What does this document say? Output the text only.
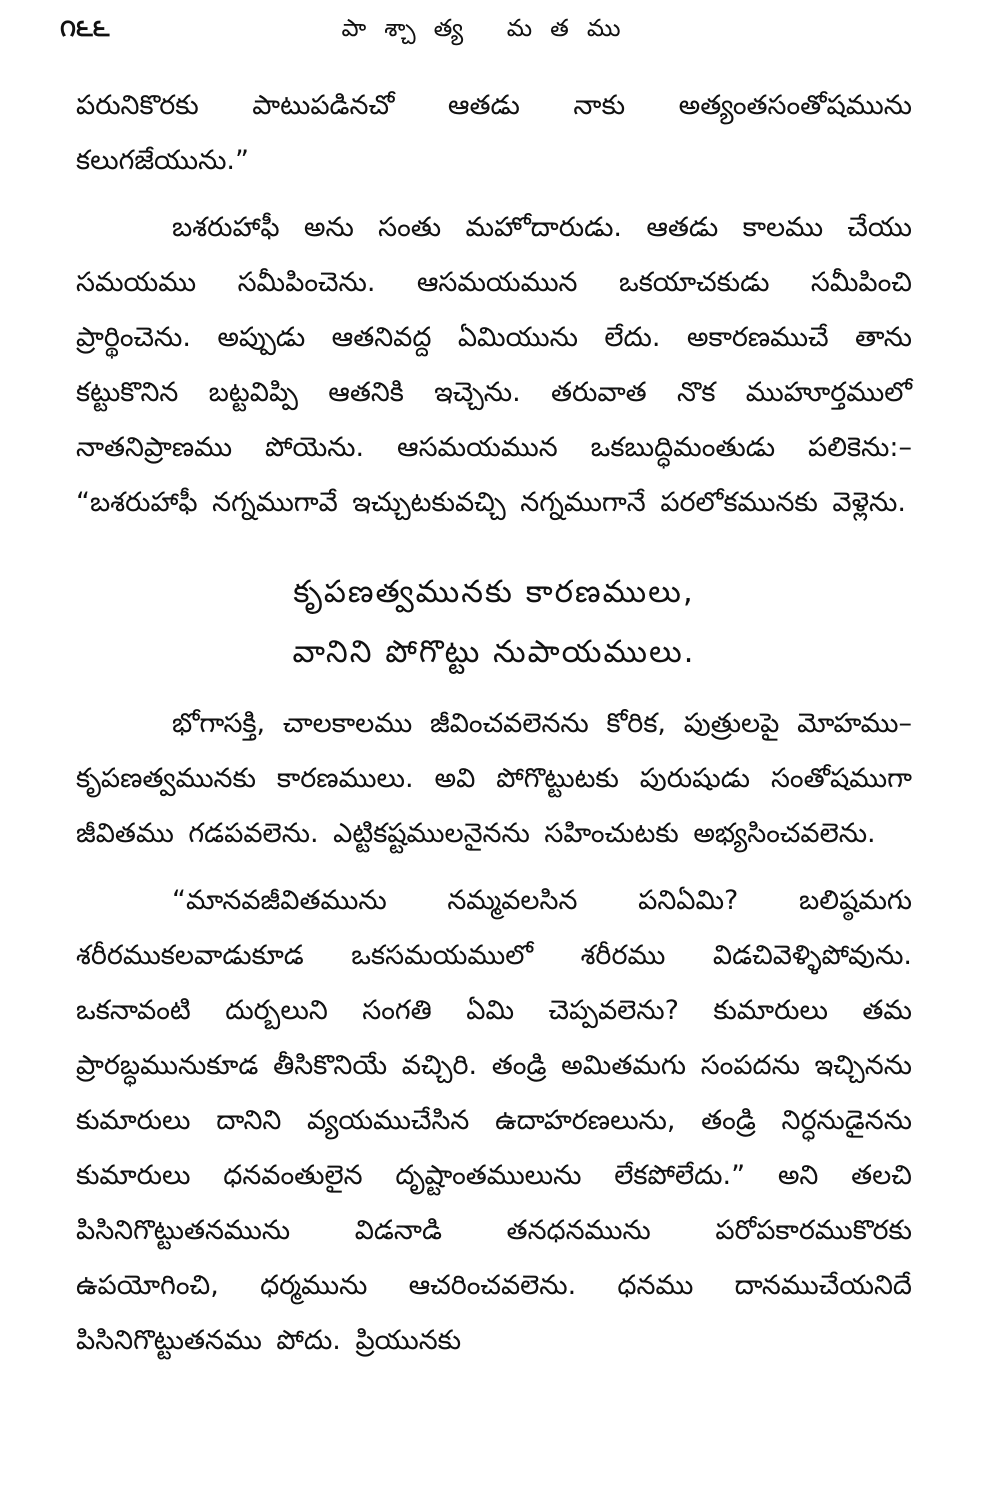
౧౬౬	పాశ్చాత్య మతము

పరునికొరకు పాటుపడినచో ఆతడు నాకు అత్యంతసంతోషమును కలుగజేయును.”

బశరుహాఫీ అను సంతు మహోదారుడు. ఆతడు కాలము చేయు సమయము సమీపించెను. ఆసమయమున ఒకయాచకుడు సమీపించి ప్రార్థించెను. అప్పుడు ఆతనివద్ద ఏమియును లేదు. అకారణముచే తాను కట్టుకొనిన బట్టవిప్పి ఆతనికి ఇచ్చెను. తరువాత నొక ముహూర్తములో నాతనిప్రాణము పోయెను. ఆసమయమున ఒకబుద్ధిమంతుడు పలికెను:– “బశరుహాఫీ నగ్నముగావే ఇచ్చుటకువచ్చి నగ్నముగానే పరలోకమునకు వెళ్లెను.

కృపణత్వమునకు కారణములు,

వానిని పోగొట్టు నుపాయములు.

భోగాసక్తి, చాలకాలము జీవించవలెనను కోరిక, పుత్రులపై మోహము– కృపణత్వమునకు కారణములు. అవి పోగొట్టుటకు పురుషుడు సంతోషముగా జీవితము గడపవలెను. ఎట్టికష్టములనైనను సహించుటకు అభ్యసించవలెను.

“మానవజీవితమును నమ్మవలసిన పనిఏమి? బలిష్ఠమగు శరీరముకలవాడుకూడ ఒకసమయములో శరీరము విడచివెళ్ళిపోవును. ఒకనావంటి దుర్బలుని సంగతి ఏమి చెప్పవలెను? కుమారులు తమ ప్రారబ్ధమునుకూడ తీసికొనియే వచ్చిరి. తండ్రి అమితమగు సంపదను ఇచ్చినను కుమారులు దానిని వ్యయముచేసిన ఉదాహరణలును, తండ్రి నిర్ధనుడైనను కుమారులు ధనవంతులైన దృష్టాంతములును లేకపోలేదు.” అని తలచి పిసినిగొట్టుతనమును విడనాడి తనధనమును పరోపకారముకొరకు ఉపయోగించి, ధర్మమును ఆచరించవలెను. ధనము దానముచేయనిదే పిసినిగొట్టుతనము పోదు. ప్రియునకు
